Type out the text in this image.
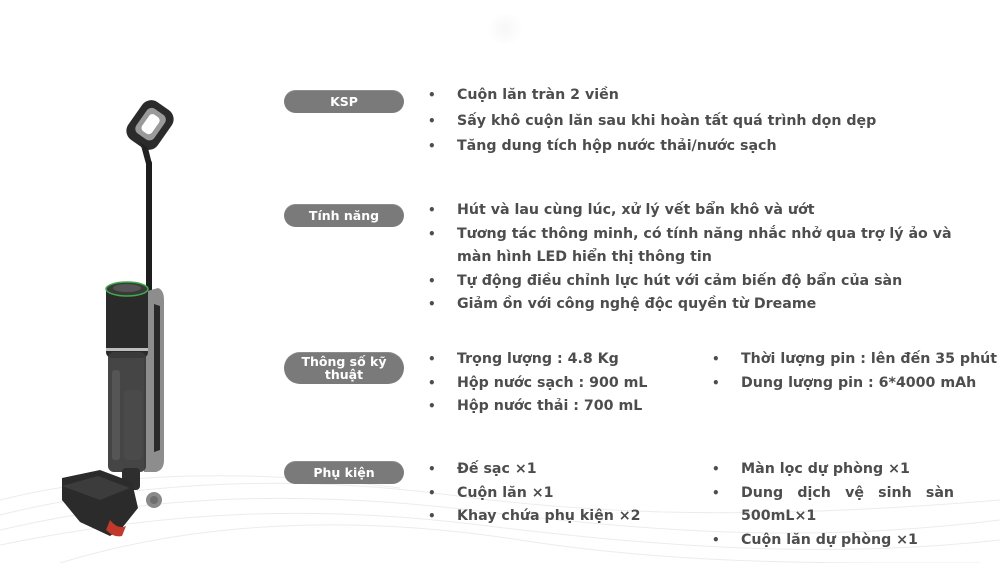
KSP	• Cuộn lăn tràn 2 viền
• Sấy khô cuộn lăn sau khi hoàn tất quá trình dọn dẹp
• Tăng dung tích hộp nước thải/nước sạch
Tính năng	• Hút và lau cùng lúc, xử lý vết bẩn khô và ướt
• Tương tác thông minh, có tính năng nhắc nhở qua trợ lý ảo và màn hình LED hiển thị thông tin
• Tự động điều chỉnh lực hút với cảm biến độ bẩn của sàn
• Giảm ồn với công nghệ độc quyền từ Dreame
Thông số kỹ
thuật
• Trọng lượng : 4.8 Kg
• Hộp nước sạch : 900 mL
• Hộp nước thải : 700 mL
• Thời lượng pin : lên đến 35 phút
• Dung lượng pin : 6*4000 mAh
Phụ kiện	• Đế sạc ×1
• Cuộn lăn ×1
• Khay chứa phụ kiện ×2
• Màn lọc dự phòng ×1
• Dung dịch vệ sinh sàn 500mL×1
• Cuộn lăn dự phòng ×1
